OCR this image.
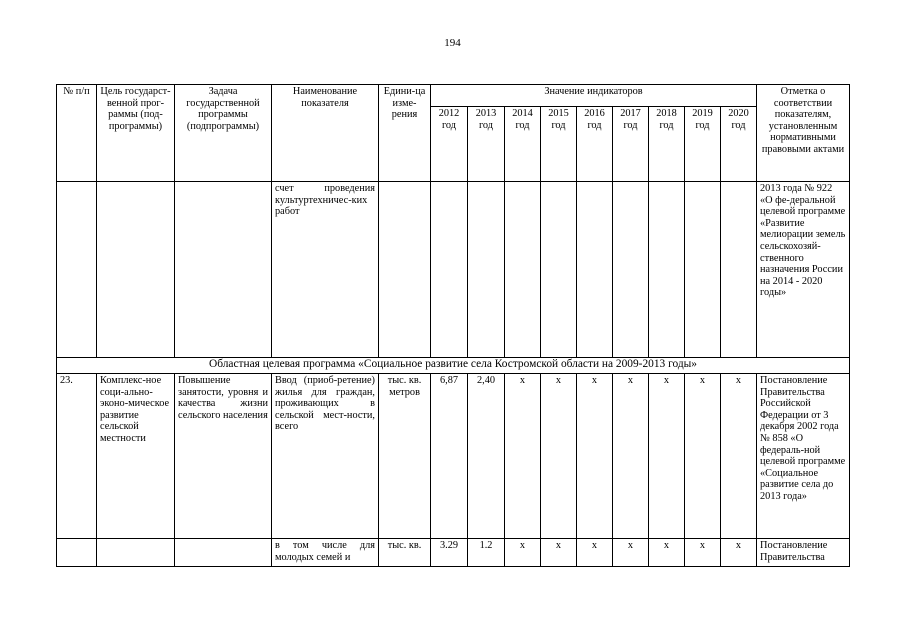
194
№ п/п	Цель государст-венной прог-раммы (под-программы)	Задача государственной программы (подпрограммы)	Наименование показателя	Едини-ца изме-рения	Значение индикаторов									Отметка о соответствии показателям, установленным нормативными правовыми актами
					2012 год	2013 год	2014 год	2015 год	2016 год	2017 год	2018 год	2019 год	2020 год	
			счет проведения культуртехничес-ких работ											2013 года № 922 «О фе-деральной целевой программе «Развитие мелиорации земель сельскохозяй-ственного назначения России на 2014 - 2020 годы»
Областная целевая программа «Социальное развитие села Костромской области на 2009-2013 годы»														
23.	Комплекс-ное соци-ально-эконо-мическое развитие сельской местности	Повышение занятости, уровня и качества жизни сельского населения	Ввод (приоб-ретение) жилья для граждан, проживающих в сельской мест-ности, всего	тыс. кв. метров	6,87	2,40	x	x	x	x	x	x	x	Постановление Правительства Российской Федерации от 3 декабря 2002 года № 858 «О федераль-ной целевой программе «Социальное развитие села до 2013 года»
			в том числе для молодых семей и	тыс. кв.	3.29	1.2	x	x	x	x	x	x	x	Постановление Правительства
